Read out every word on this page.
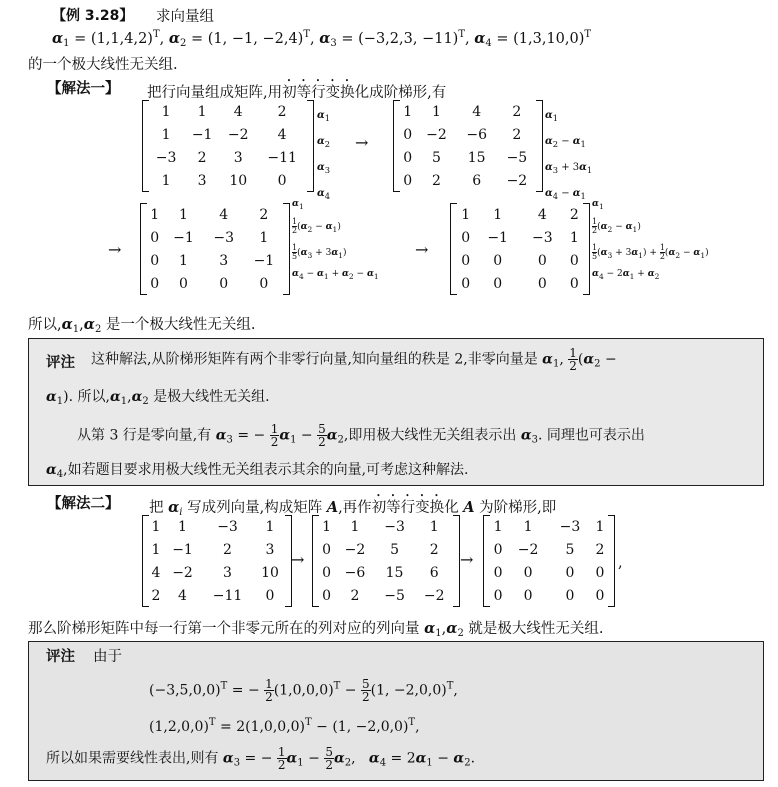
【例 3.28】 求向量组
$\alpha_1 = (1,1,4,2)^T$, $\alpha_2 = (1$, −1, −2,4)$^T$, $\alpha_3 = (-3,2,3$, −11)$^T$, $\alpha_4 = (1,3,10,0)^T$
的一个极大线性无关组.
【解法一】 把行向量组成矩阵,用初等行变换化成阶梯形,有
1	1	4	2
1	−1	−2	4
−3	2	3	−11
1	3	10	0
$\alpha_1$
$\alpha_2$
$\alpha_3$
$\alpha_4$
→
1	1	4	2
0	−2	−6	2
0	5	15	−5
0	2	6	−2
$\alpha_1$
$\alpha_2 - \alpha_1$
$\alpha_3 + 3\alpha_1$
$\alpha_4 - \alpha_1$
→
1	1	4	2
0	−1	−3	1
0	1	3	−1
0	0	0	0
$\alpha_1$
$\frac{1}{2} (\alpha_2 - \alpha_1)$
$\frac{1}{5} (\alpha_3 + 3\alpha_1)$
$\alpha_4 - \alpha_1 + \alpha_2 - \alpha_1$
→
1	1	4	2
0	−1	−3	1
0	0	0	0
0	0	0	0
$\alpha_1$
$\frac{1}{2} (\alpha_2 - \alpha_1)$
$\frac{1}{5} (\alpha_3 + 3\alpha_1) + \frac{1}{2} (\alpha_2 - \alpha_1)$
$\alpha_4 - 2\alpha_1 + \alpha_2$
所以$,\alpha_1,\alpha_2$ 是一个极大线性无关组.
评注 这种解法,从阶梯形矩阵有两个非零行向量,知向量组的秩是 2,非零向量是 $\alpha_1$, $\frac{1}{2} (\alpha_2$ −
$\alpha_1$). 所以$,\alpha_1,\alpha_2$ 是极大线性无关组.
从第 3 行是零向量,有 $\alpha_3$ = − $\frac{1}{2} \alpha_1 - \frac{5}{2} \alpha_2$,即用极大线性无关组表示出 $\alpha_3$. 同理也可表示出
$\alpha_4$,如若题目要求用极大线性无关组表示其余的向量,可考虑这种解法.
【解法二】 把 $\alpha_i$ 写成列向量,构成矩阵 A,再作初等行变换化 A 为阶梯形,即
1	1	−3	1
1	−1	2	3
4	−2	3	10
2	4	−11	0
→
1	1	−3	1
0	−2	5	2
0	−6	15	6
0	2	−5	−2
→
1	1	−3	1
0	−2	5	2
0	0	0	0
0	0	0	0
,
那么阶梯形矩阵中每一行第一个非零元所在的列对应的列向量 $\alpha_1,\alpha_2$ 就是极大线性无关组.
评注 由于
$(-3,5,0,0)^T$ = − $\frac{1}{2} (1,0,0,0)^T - \frac{5}{2} (1$, −2,0,0)$^T$,
$(1,2,0,0)^T = 2(1,0,0,0)^T - (1$, −2,0,0)$^T$,
所以如果需要线性表出,则有 $\alpha_3$ = − $\frac{1}{2} \alpha_1 - \frac{5}{2} \alpha_2$,   $\alpha_4 = 2\alpha_1 - \alpha_2$.
